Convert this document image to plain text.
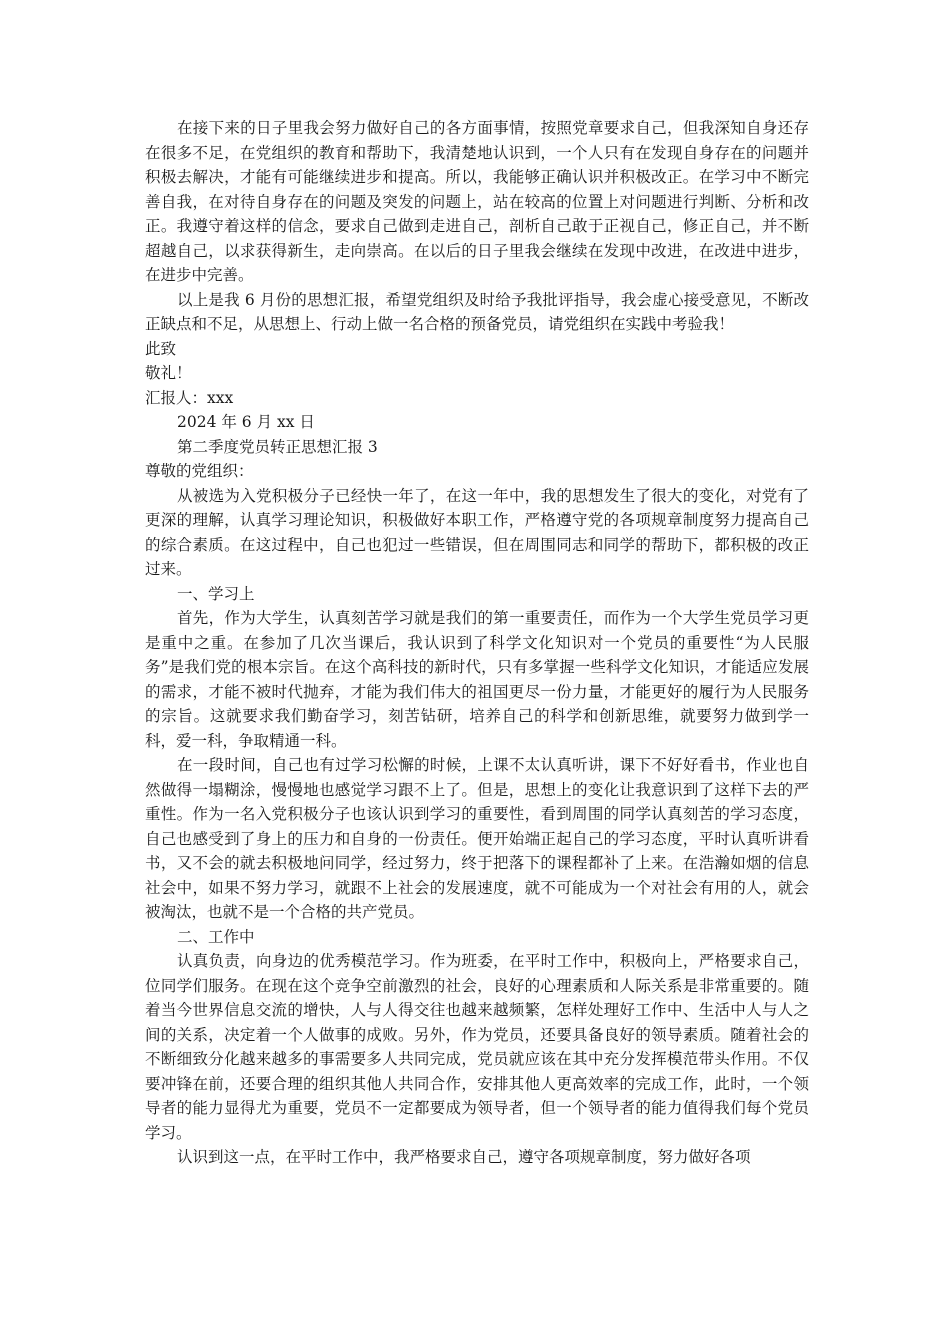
在接下来的日子里我会努力做好自己的各方面事情，按照党章要求自己，但我深知自身还存在很多不足，在党组织的教育和帮助下，我清楚地认识到，一个人只有在发现自身存在的问题并积极去解决，才能有可能继续进步和提高。所以，我能够正确认识并积极改正。在学习中不断完善自我，在对待自身存在的问题及突发的问题上，站在较高的位置上对问题进行判断、分析和改正。我遵守着这样的信念，要求自己做到走进自己，剖析自己敢于正视自己，修正自己，并不断超越自己，以求获得新生，走向崇高。在以后的日子里我会继续在发现中改进，在改进中进步，在进步中完善。

以上是我 6 月份的思想汇报，希望党组织及时给予我批评指导，我会虚心接受意见，不断改正缺点和不足，从思想上、行动上做一名合格的预备党员，请党组织在实践中考验我！

此致

敬礼！

汇报人：xxx

2024 年 6 月 xx 日

第二季度党员转正思想汇报 3

尊敬的党组织：

从被选为入党积极分子已经快一年了，在这一年中，我的思想发生了很大的变化，对党有了更深的理解，认真学习理论知识，积极做好本职工作，严格遵守党的各项规章制度努力提高自己的综合素质。在这过程中，自己也犯过一些错误，但在周围同志和同学的帮助下，都积极的改正过来。

一、学习上

首先，作为大学生，认真刻苦学习就是我们的第一重要责任，而作为一个大学生党员学习更是重中之重。在参加了几次当课后，我认识到了科学文化知识对一个党员的重要性“为人民服务”是我们党的根本宗旨。在这个高科技的新时代，只有多掌握一些科学文化知识，才能适应发展的需求，才能不被时代抛弃，才能为我们伟大的祖国更尽一份力量，才能更好的履行为人民服务的宗旨。这就要求我们勤奋学习，刻苦钻研，培养自己的科学和创新思维，就要努力做到学一科，爱一科，争取精通一科。

在一段时间，自己也有过学习松懈的时候，上课不太认真听讲，课下不好好看书，作业也自然做得一塌糊涂，慢慢地也感觉学习跟不上了。但是，思想上的变化让我意识到了这样下去的严重性。作为一名入党积极分子也该认识到学习的重要性，看到周围的同学认真刻苦的学习态度，自己也感受到了身上的压力和自身的一份责任。便开始端正起自己的学习态度，平时认真听讲看书，又不会的就去积极地问同学，经过努力，终于把落下的课程都补了上来。在浩瀚如烟的信息社会中，如果不努力学习，就跟不上社会的发展速度，就不可能成为一个对社会有用的人，就会被淘汰，也就不是一个合格的共产党员。

二、工作中

认真负责，向身边的优秀模范学习。作为班委，在平时工作中，积极向上，严格要求自己，位同学们服务。在现在这个竞争空前激烈的社会，良好的心理素质和人际关系是非常重要的。随着当今世界信息交流的增快，人与人得交往也越来越频繁，怎样处理好工作中、生活中人与人之间的关系，决定着一个人做事的成败。另外，作为党员，还要具备良好的领导素质。随着社会的不断细致分化越来越多的事需要多人共同完成，党员就应该在其中充分发挥模范带头作用。不仅要冲锋在前，还要合理的组织其他人共同合作，安排其他人更高效率的完成工作，此时，一个领导者的能力显得尤为重要，党员不一定都要成为领导者，但一个领导者的能力值得我们每个党员学习。

认识到这一点，在平时工作中，我严格要求自己，遵守各项规章制度，努力做好各项
